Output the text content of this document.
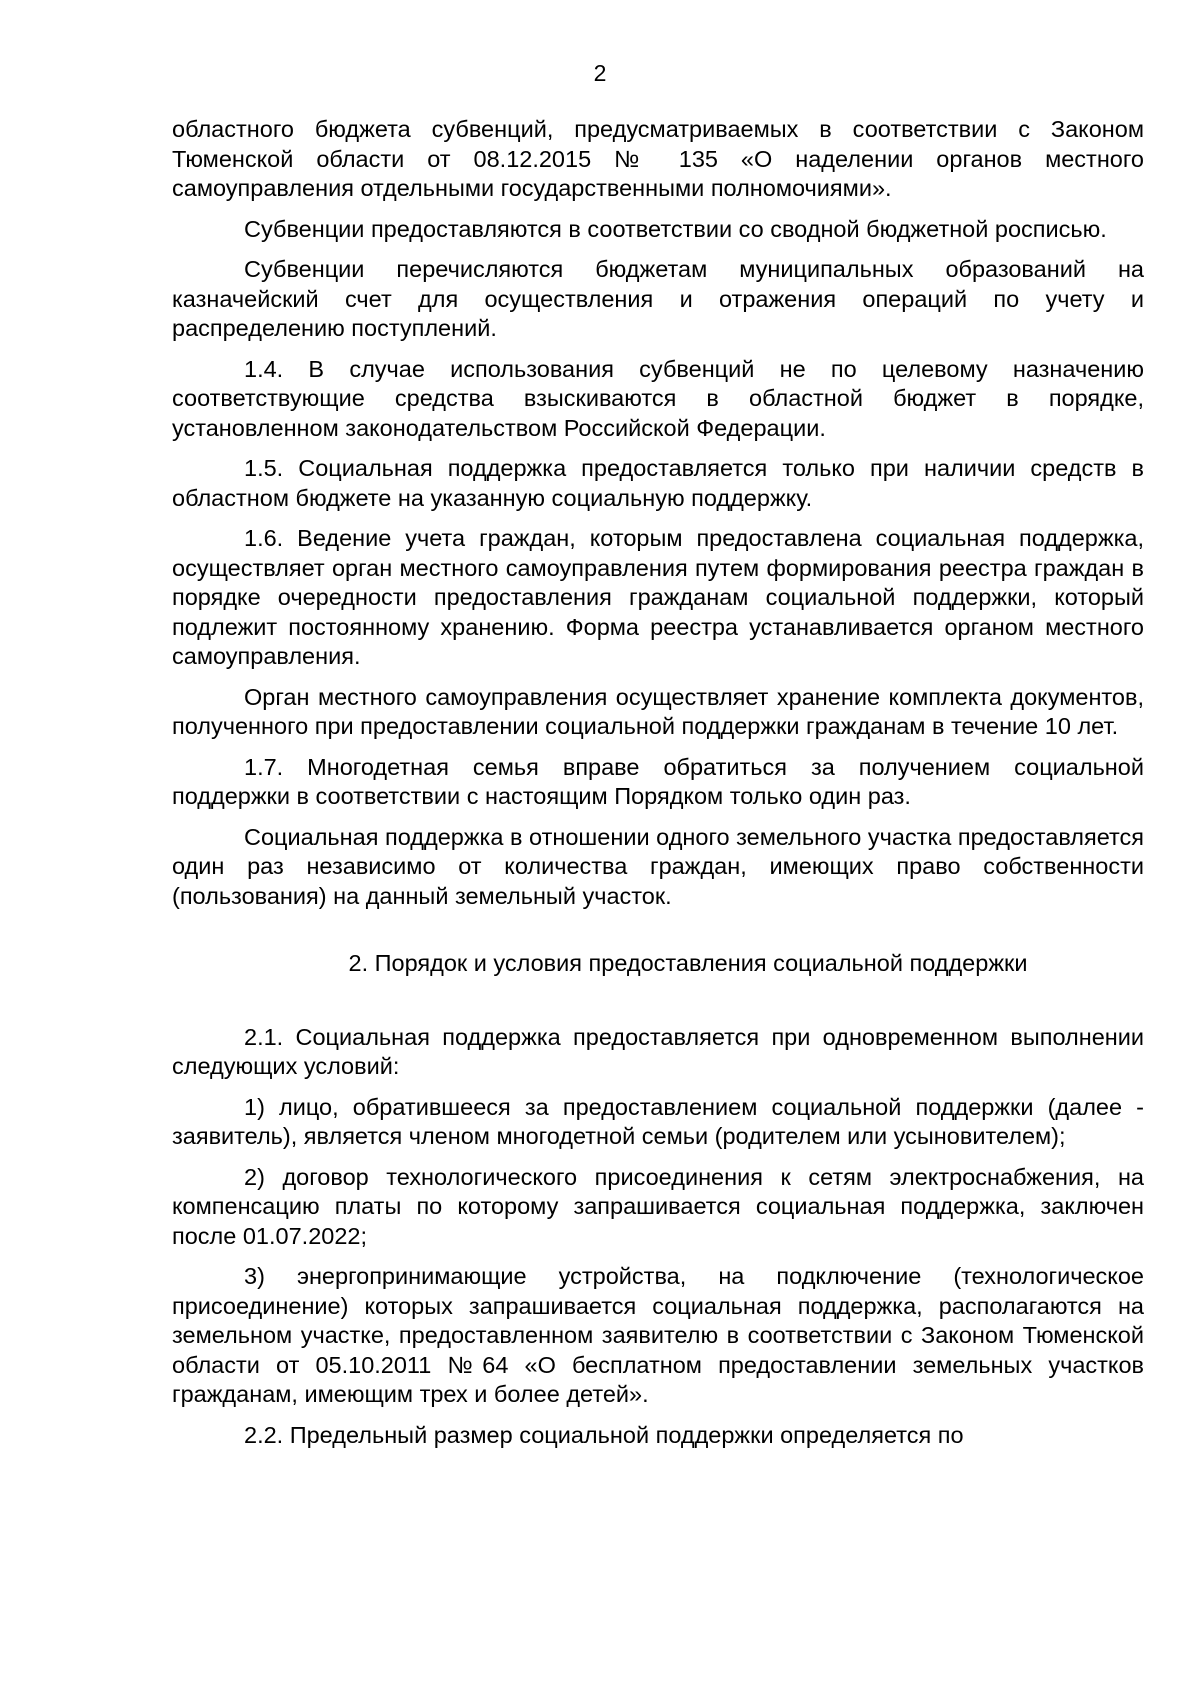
2

областного бюджета субвенций, предусматриваемых в соответствии с Законом Тюменской области от 08.12.2015 № 135 «О наделении органов местного самоуправления отдельными государственными полномочиями».

Субвенции предоставляются в соответствии со сводной бюджетной росписью.

Субвенции перечисляются бюджетам муниципальных образований на казначейский счет для осуществления и отражения операций по учету и распределению поступлений.

1.4. В случае использования субвенций не по целевому назначению соответствующие средства взыскиваются в областной бюджет в порядке, установленном законодательством Российской Федерации.

1.5. Социальная поддержка предоставляется только при наличии средств в областном бюджете на указанную социальную поддержку.

1.6. Ведение учета граждан, которым предоставлена социальная поддержка, осуществляет орган местного самоуправления путем формирования реестра граждан в порядке очередности предоставления гражданам социальной поддержки, который подлежит постоянному хранению. Форма реестра устанавливается органом местного самоуправления.

Орган местного самоуправления осуществляет хранение комплекта документов, полученного при предоставлении социальной поддержки гражданам в течение 10 лет.

1.7. Многодетная семья вправе обратиться за получением социальной поддержки в соответствии с настоящим Порядком только один раз.

Социальная поддержка в отношении одного земельного участка предоставляется один раз независимо от количества граждан, имеющих право собственности (пользования) на данный земельный участок.

2. Порядок и условия предоставления социальной поддержки

2.1. Социальная поддержка предоставляется при одновременном выполнении следующих условий:

1) лицо, обратившееся за предоставлением социальной поддержки (далее - заявитель), является членом многодетной семьи (родителем или усыновителем);

2) договор технологического присоединения к сетям электроснабжения, на компенсацию платы по которому запрашивается социальная поддержка, заключен после 01.07.2022;

3) энергопринимающие устройства, на подключение (технологическое присоединение) которых запрашивается социальная поддержка, располагаются на земельном участке, предоставленном заявителю в соответствии с Законом Тюменской области от 05.10.2011 №64 «О бесплатном предоставлении земельных участков гражданам, имеющим трех и более детей».

2.2. Предельный размер социальной поддержки определяется по
